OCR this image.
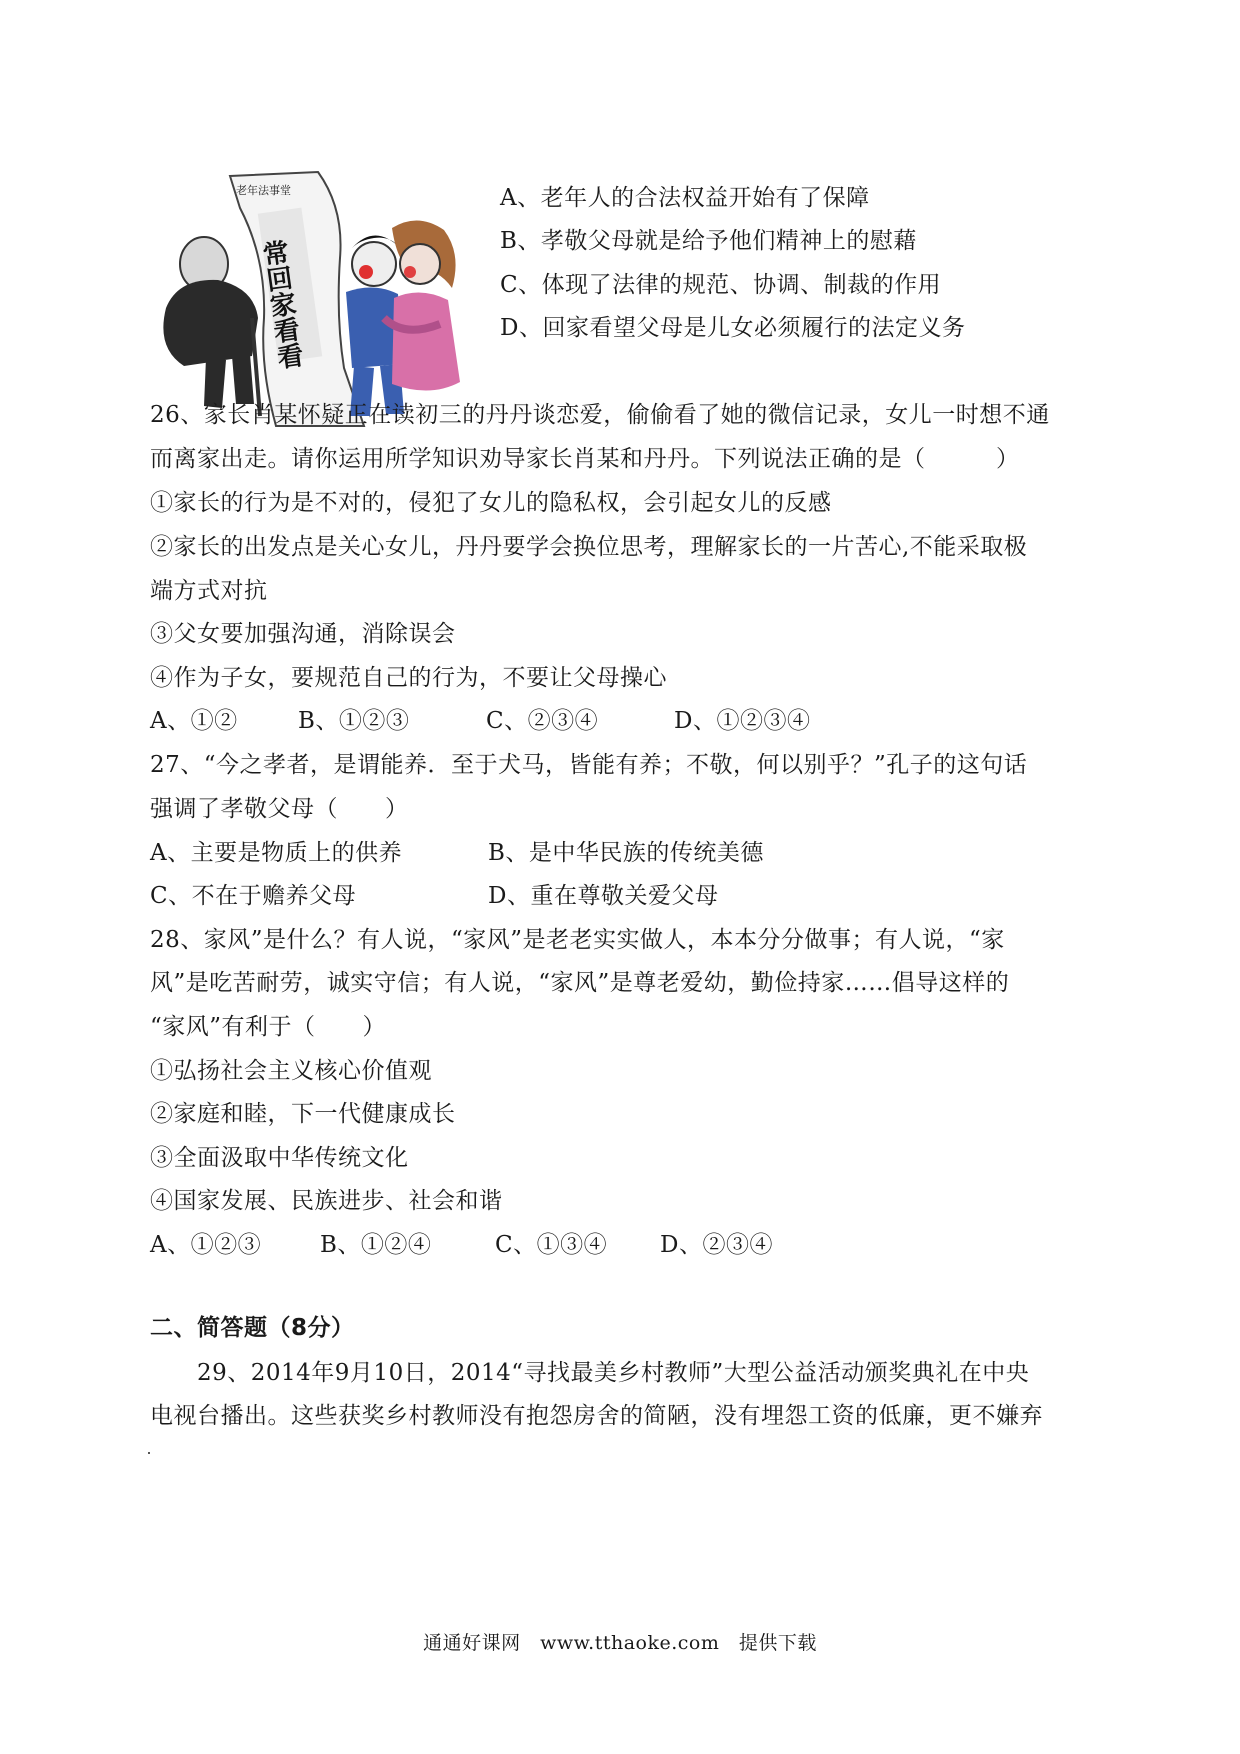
老年法事堂
常回家看看
A、老年人的合法权益开始有了保障
B、孝敬父母就是给予他们精神上的慰藉
C、体现了法律的规范、协调、制裁的作用
D、回家看望父母是儿女必须履行的法定义务
26、家长肖某怀疑正在读初三的丹丹谈恋爱，偷偷看了她的微信记录，女儿一时想不通
而离家出走。请你运用所学知识劝导家长肖某和丹丹。下列说法正确的是（　　　）
①家长的行为是不对的，侵犯了女儿的隐私权，会引起女儿的反感
②家长的出发点是关心女儿，丹丹要学会换位思考，理解家长的一片苦心,不能采取极
端方式对抗
③父女要加强沟通，消除误会
④作为子女，要规范自己的行为，不要让父母操心
A、①②	B、①②③	C、②③④	D、①②③④
27、“今之孝者，是谓能养．至于犬马，皆能有养；不敬，何以别乎？”孔子的这句话
强调了孝敬父母（　　）
A、主要是物质上的供养	B、是中华民族的传统美德
C、不在于赡养父母	D、重在尊敬关爱父母
28、家风”是什么？有人说，“家风”是老老实实做人，本本分分做事；有人说，“家
风”是吃苦耐劳，诚实守信；有人说，“家风”是尊老爱幼，勤俭持家……倡导这样的
“家风”有利于（　　）
①弘扬社会主义核心价值观
②家庭和睦，下一代健康成长
③全面汲取中华传统文化
④国家发展、民族进步、社会和谐
A、①②③	B、①②④	C、①③④ D、②③④
二、简答题（8分）
29、2014年9月10日，2014“寻找最美乡村教师”大型公益活动颁奖典礼在中央
电视台播出。这些获奖乡村教师没有抱怨房舍的简陋，没有埋怨工资的低廉，更不嫌弃
通通好课网　www.tthaoke.com　提供下载
